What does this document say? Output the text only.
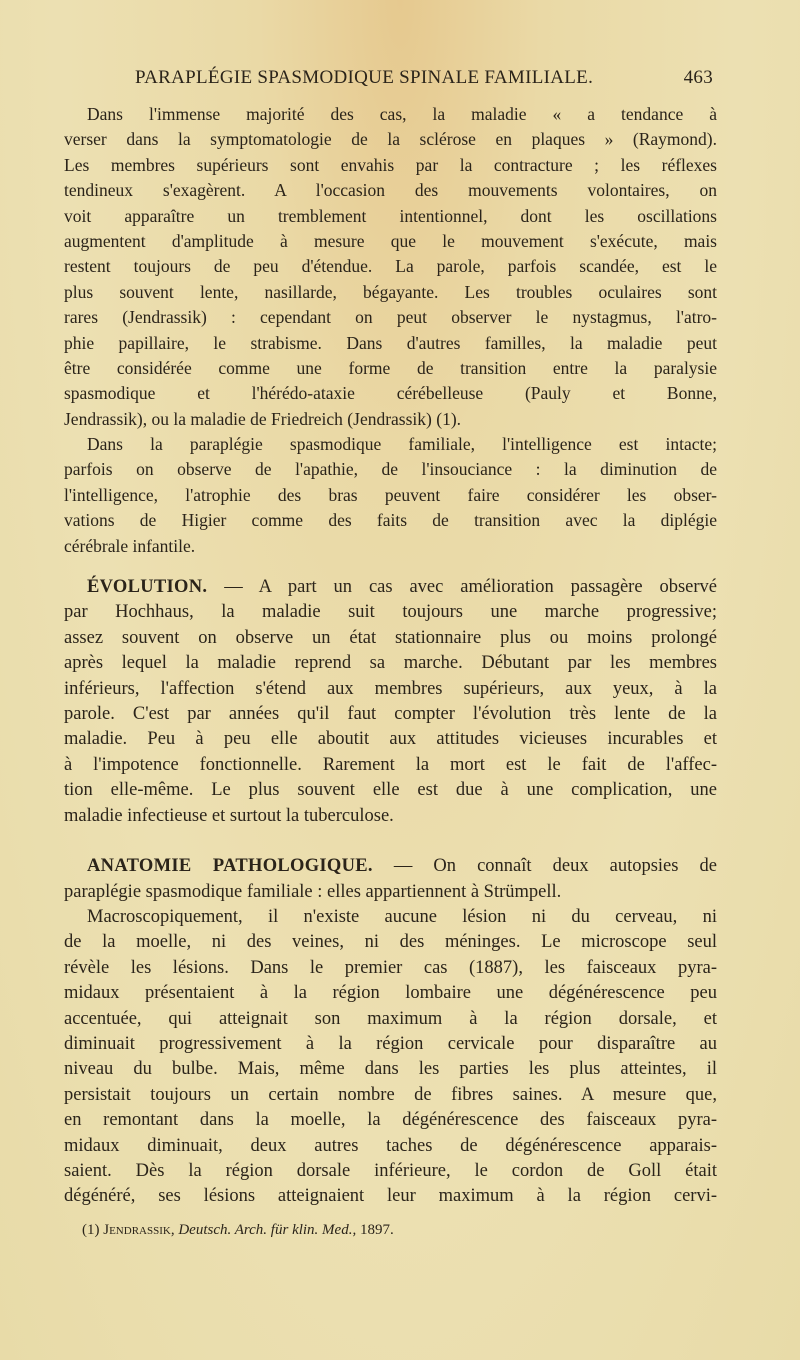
PARAPLÉGIE SPASMODIQUE SPINALE FAMILIALE.	463
Dans l'immense majorité des cas, la maladie « a tendance à
verser dans la symptomatologie de la sclérose en plaques » (Raymond).
Les membres supérieurs sont envahis par la contracture ; les réflexes
tendineux s'exagèrent. A l'occasion des mouvements volontaires, on
voit apparaître un tremblement intentionnel, dont les oscillations
augmentent d'amplitude à mesure que le mouvement s'exécute, mais
restent toujours de peu d'étendue. La parole, parfois scandée, est le
plus souvent lente, nasillarde, bégayante. Les troubles oculaires sont
rares (Jendrassik) : cependant on peut observer le nystagmus, l'atro-
phie papillaire, le strabisme. Dans d'autres familles, la maladie peut
être considérée comme une forme de transition entre la paralysie
spasmodique et l'hérédo-ataxie cérébelleuse (Pauly et Bonne,
Jendrassik), ou la maladie de Friedreich (Jendrassik) (1).
Dans la paraplégie spasmodique familiale, l'intelligence est intacte;
parfois on observe de l'apathie, de l'insouciance : la diminution de
l'intelligence, l'atrophie des bras peuvent faire considérer les obser-
vations de Higier comme des faits de transition avec la diplégie
cérébrale infantile.
ÉVOLUTION. — A part un cas avec amélioration passagère observé
par Hochhaus, la maladie suit toujours une marche progressive;
assez souvent on observe un état stationnaire plus ou moins prolongé
après lequel la maladie reprend sa marche. Débutant par les membres
inférieurs, l'affection s'étend aux membres supérieurs, aux yeux, à la
parole. C'est par années qu'il faut compter l'évolution très lente de la
maladie. Peu à peu elle aboutit aux attitudes vicieuses incurables et
à l'impotence fonctionnelle. Rarement la mort est le fait de l'affec-
tion elle-même. Le plus souvent elle est due à une complication, une
maladie infectieuse et surtout la tuberculose.
ANATOMIE PATHOLOGIQUE. — On connaît deux autopsies de
paraplégie spasmodique familiale : elles appartiennent à Strümpell.
Macroscopiquement, il n'existe aucune lésion ni du cerveau, ni
de la moelle, ni des veines, ni des méninges. Le microscope seul
révèle les lésions. Dans le premier cas (1887), les faisceaux pyra-
midaux présentaient à la région lombaire une dégénérescence peu
accentuée, qui atteignait son maximum à la région dorsale, et
diminuait progressivement à la région cervicale pour disparaître au
niveau du bulbe. Mais, même dans les parties les plus atteintes, il
persistait toujours un certain nombre de fibres saines. A mesure que,
en remontant dans la moelle, la dégénérescence des faisceaux pyra-
midaux diminuait, deux autres taches de dégénérescence apparais-
saient. Dès la région dorsale inférieure, le cordon de Goll était
dégénéré, ses lésions atteignaient leur maximum à la région cervi-
(1) Jendrassik, Deutsch. Arch. für klin. Med., 1897.
